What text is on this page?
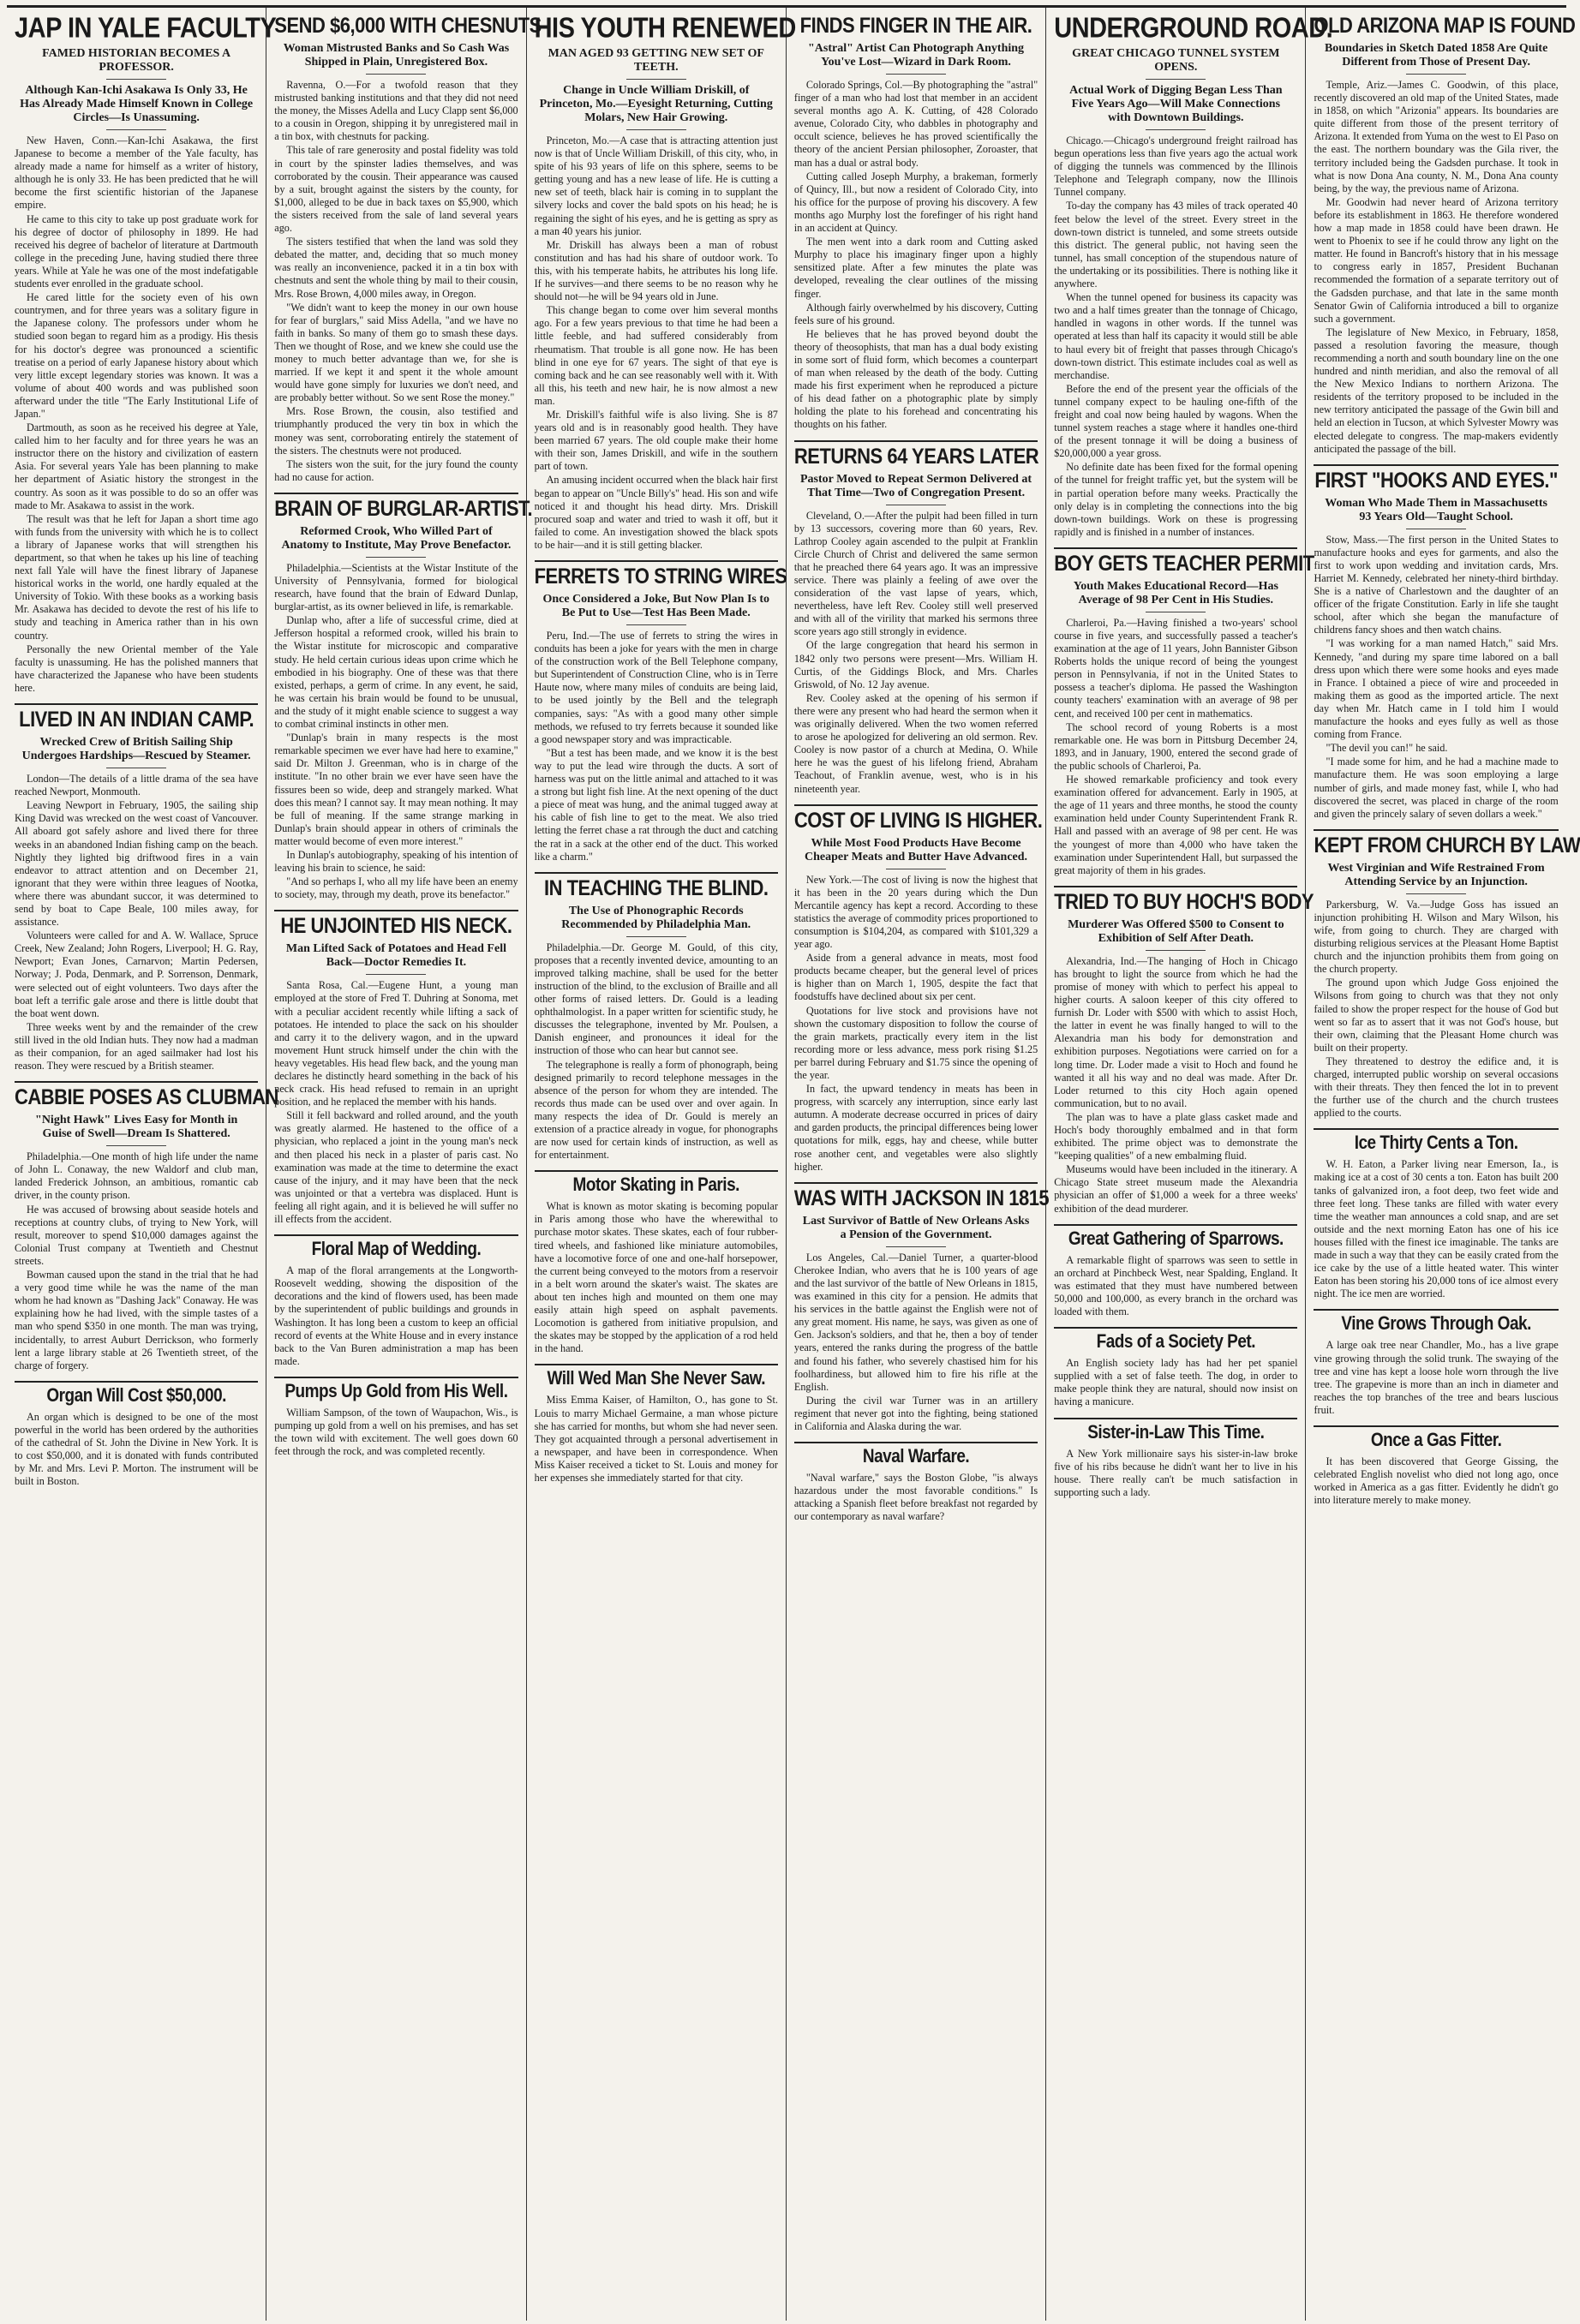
JAP IN YALE FACULTY
FAMED HISTORIAN BECOMES A PROFESSOR.
Although Kan-Ichi Asakawa Is Only 33, He Has Already Made Himself Known in College Circles—Is Unassuming.

New Haven, Conn.—Kan-Ichi Asakawa, the first Japanese to become a member of the Yale faculty, has already made a name for himself as a writer of history, although he is only 33. He has been predicted that he will become the first scientific historian of the Japanese empire.

He came to this city to take up post graduate work for his degree of doctor of philosophy in 1899. He had received his degree of bachelor of literature at Dartmouth college in the preceding June, having studied there three years. While at Yale he was one of the most indefatigable students ever enrolled in the graduate school.

He cared little for the society even of his own countrymen, and for three years was a solitary figure in the Japanese colony. The professors under whom he studied soon began to regard him as a prodigy. His thesis for his doctor's degree was pronounced a scientific treatise on a period of early Japanese history about which very little except legendary stories was known. It was a volume of about 400 words and was published soon afterward under the title "The Early Institutional Life of Japan."

Dartmouth, as soon as he received his degree at Yale, called him to her faculty and for three years he was an instructor there on the history and civilization of eastern Asia. For several years Yale has been planning to make her department of Asiatic history the strongest in the country. As soon as it was possible to do so an offer was made to Mr. Asakawa to assist in the work.

The result was that he left for Japan a short time ago with funds from the university with which he is to collect a library of Japanese works that will strengthen his department, so that when he takes up his line of teaching next fall Yale will have the finest library of Japanese historical works in the world, one hardly equaled at the University of Tokio. With these books as a working basis Mr. Asakawa has decided to devote the rest of his life to study and teaching in America rather than in his own country.

Personally the new Oriental member of the Yale faculty is unassuming. He has the polished manners that have characterized the Japanese who have been students here.

LIVED IN AN INDIAN CAMP.
Wrecked Crew of British Sailing Ship Undergoes Hardships—Rescued by Steamer.

London—The details of a little drama of the sea have reached Newport, Monmouth.

Leaving Newport in February, 1905, the sailing ship King David was wrecked on the west coast of Vancouver. All aboard got safely ashore and lived there for three weeks in an abandoned Indian fishing camp on the beach. Nightly they lighted big driftwood fires in a vain endeavor to attract attention and on December 21, ignorant that they were within three leagues of Nootka, where there was abundant succor, it was determined to send by boat to Cape Beale, 100 miles away, for assistance.

Volunteers were called for and A. W. Wallace, Spruce Creek, New Zealand; John Rogers, Liverpool; H. G. Ray, Newport; Evan Jones, Carnarvon; Martin Pedersen, Norway; J. Poda, Denmark, and P. Sorrenson, Denmark, were selected out of eight volunteers. Two days after the boat left a terrific gale arose and there is little doubt that the boat went down.

Three weeks went by and the remainder of the crew still lived in the old Indian huts. They now had a madman as their companion, for an aged sailmaker had lost his reason. They were rescued by a British steamer.

CABBIE POSES AS CLUBMAN
"Night Hawk" Lives Easy for Month in Guise of Swell—Dream Is Shattered.

Philadelphia.—One month of high life under the name of John L. Conaway, the new Waldorf and club man, landed Frederick Johnson, an ambitious, romantic cab driver, in the county prison.

He was accused of browsing about seaside hotels and receptions at country clubs, of trying to New York, will result, moreover to spend $10,000 damages against the Colonial Trust company at Twentieth and Chestnut streets.

Bowman caused upon the stand in the trial that he had a very good time while he was the name of the man whom he had known as "Dashing Jack" Conaway. He was explaining how he had lived, with the simple tastes of a man who spend $350 in one month. The man was trying, incidentally, to arrest Auburt Derrickson, who formerly lent a large library stable at 26 Twentieth street, of the charge of forgery.

Organ Will Cost $50,000.

An organ which is designed to be one of the most powerful in the world has been ordered by the authorities of the cathedral of St. John the Divine in New York. It is to cost $50,000, and it is donated with funds contributed by Mr. and Mrs. Levi P. Morton. The instrument will be built in Boston.

SEND $6,000 WITH CHESNUTS
Woman Mistrusted Banks and So Cash Was Shipped in Plain, Unregistered Box.

Ravenna, O.—For a twofold reason that they mistrusted banking institutions and that they did not need the money, the Misses Adella and Lucy Clapp sent $6,000 to a cousin in Oregon, shipping it by unregistered mail in a tin box, with chestnuts for packing.

This tale of rare generosity and postal fidelity was told in court by the spinster ladies themselves, and was corroborated by the cousin. Their appearance was caused by a suit, brought against the sisters by the county, for $1,000, alleged to be due in back taxes on $5,900, which the sisters received from the sale of land several years ago.

The sisters testified that when the land was sold they debated the matter, and, deciding that so much money was really an inconvenience, packed it in a tin box with chestnuts and sent the whole thing by mail to their cousin, Mrs. Rose Brown, 4,000 miles away, in Oregon.

"We didn't want to keep the money in our own house for fear of burglars," said Miss Adella, "and we have no faith in banks. So many of them go to smash these days. Then we thought of Rose, and we knew she could use the money to much better advantage than we, for she is married. If we kept it and spent it the whole amount would have gone simply for luxuries we don't need, and are probably better without. So we sent Rose the money."

Mrs. Rose Brown, the cousin, also testified and triumphantly produced the very tin box in which the money was sent, corroborating entirely the statement of the sisters. The chestnuts were not produced.

The sisters won the suit, for the jury found the county had no cause for action.

BRAIN OF BURGLAR-ARTIST.
Reformed Crook, Who Willed Part of Anatomy to Institute, May Prove Benefactor.

Philadelphia.—Scientists at the Wistar Institute of the University of Pennsylvania, formed for biological research, have found that the brain of Edward Dunlap, burglar-artist, as its owner believed in life, is remarkable.

Dunlap who, after a life of successful crime, died at Jefferson hospital a reformed crook, willed his brain to the Wistar institute for microscopic and comparative study. He held certain curious ideas upon crime which he embodied in his biography. One of these was that there existed, perhaps, a germ of crime. In any event, he said, he was certain his brain would be found to be unusual, and the study of it might enable science to suggest a way to combat criminal instincts in other men.

"Dunlap's brain in many respects is the most remarkable specimen we ever have had here to examine," said Dr. Milton J. Greenman, who is in charge of the institute. "In no other brain we ever have seen have the fissures been so wide, deep and strangely marked. What does this mean? I cannot say. It may mean nothing. It may be full of meaning. If the same strange marking in Dunlap's brain should appear in others of criminals the matter would become of even more interest."

In Dunlap's autobiography, speaking of his intention of leaving his brain to science, he said:

"And so perhaps I, who all my life have been an enemy to society, may, through my death, prove its benefactor."

HE UNJOINTED HIS NECK.
Man Lifted Sack of Potatoes and Head Fell Back—Doctor Remedies It.

Santa Rosa, Cal.—Eugene Hunt, a young man employed at the store of Fred T. Duhring at Sonoma, met with a peculiar accident recently while lifting a sack of potatoes. He intended to place the sack on his shoulder and carry it to the delivery wagon, and in the upward movement Hunt struck himself under the chin with the heavy vegetables. His head flew back, and the young man declares he distinctly heard something in the back of his neck crack. His head refused to remain in an upright position, and he replaced the member with his hands.

Still it fell backward and rolled around, and the youth was greatly alarmed. He hastened to the office of a physician, who replaced a joint in the young man's neck and then placed his neck in a plaster of paris cast. No examination was made at the time to determine the exact cause of the injury, and it may have been that the neck was unjointed or that a vertebra was displaced. Hunt is feeling all right again, and it is believed he will suffer no ill effects from the accident.

Floral Map of Wedding.

A map of the floral arrangements at the Longworth-Roosevelt wedding, showing the disposition of the decorations and the kind of flowers used, has been made by the superintendent of public buildings and grounds in Washington. It has long been a custom to keep an official record of events at the White House and in every instance back to the Van Buren administration a map has been made.

Pumps Up Gold from His Well.

William Sampson, of the town of Waupachon, Wis., is pumping up gold from a well on his premises, and has set the town wild with excitement. The well goes down 60 feet through the rock, and was completed recently.

HIS YOUTH RENEWED
MAN AGED 93 GETTING NEW SET OF TEETH.
Change in Uncle William Driskill, of Princeton, Mo.—Eyesight Returning, Cutting Molars, New Hair Growing.

Princeton, Mo.—A case that is attracting attention just now is that of Uncle William Driskill, of this city, who, in spite of his 93 years of life on this sphere, seems to be getting young and has a new lease of life. He is cutting a new set of teeth, black hair is coming in to supplant the silvery locks and cover the bald spots on his head; he is regaining the sight of his eyes, and he is getting as spry as a man 40 years his junior.

Mr. Driskill has always been a man of robust constitution and has had his share of outdoor work. To this, with his temperate habits, he attributes his long life. If he survives—and there seems to be no reason why he should not—he will be 94 years old in June.

This change began to come over him several months ago. For a few years previous to that time he had been a little feeble, and had suffered considerably from rheumatism. That trouble is all gone now. He has been blind in one eye for 67 years. The sight of that eye is coming back and he can see reasonably well with it. With all this, his teeth and new hair, he is now almost a new man.

Mr. Driskill's faithful wife is also living. She is 87 years old and is in reasonably good health. They have been married 67 years. The old couple make their home with their son, James Driskill, and wife in the southern part of town.

An amusing incident occurred when the black hair first began to appear on "Uncle Billy's" head. His son and wife noticed it and thought his head dirty. Mrs. Driskill procured soap and water and tried to wash it off, but it failed to come. An investigation showed the black spots to be hair—and it is still getting blacker.

FERRETS TO STRING WIRES
Once Considered a Joke, But Now Plan Is to Be Put to Use—Test Has Been Made.

Peru, Ind.—The use of ferrets to string the wires in conduits has been a joke for years with the men in charge of the construction work of the Bell Telephone company, but Superintendent of Construction Cline, who is in Terre Haute now, where many miles of conduits are being laid, to be used jointly by the Bell and the telegraph companies, says: "As with a good many other simple methods, we refused to try ferrets because it sounded like a good newspaper story and was impracticable.

"But a test has been made, and we know it is the best way to put the lead wire through the ducts. A sort of harness was put on the little animal and attached to it was a strong but light fish line. At the next opening of the duct a piece of meat was hung, and the animal tugged away at his cable of fish line to get to the meat. We also tried letting the ferret chase a rat through the duct and catching the rat in a sack at the other end of the duct. This worked like a charm."

IN TEACHING THE BLIND.
The Use of Phonographic Records Recommended by Philadelphia Man.

Philadelphia.—Dr. George M. Gould, of this city, proposes that a recently invented device, amounting to an improved talking machine, shall be used for the better instruction of the blind, to the exclusion of Braille and all other forms of raised letters. Dr. Gould is a leading ophthalmologist. In a paper written for scientific study, he discusses the telegraphone, invented by Mr. Poulsen, a Danish engineer, and pronounces it ideal for the instruction of those who can hear but cannot see.

The telegraphone is really a form of phonograph, being designed primarily to record telephone messages in the absence of the person for whom they are intended. The records thus made can be used over and over again. In many respects the idea of Dr. Gould is merely an extension of a practice already in vogue, for phonographs are now used for certain kinds of instruction, as well as for entertainment.

Motor Skating in Paris.

What is known as motor skating is becoming popular in Paris among those who have the wherewithal to purchase motor skates. These skates, each of four rubber-tired wheels, and fashioned like miniature automobiles, have a locomotive force of one and one-half horsepower, the current being conveyed to the motors from a reservoir in a belt worn around the skater's waist. The skates are about ten inches high and mounted on them one may easily attain high speed on asphalt pavements. Locomotion is gathered from initiative propulsion, and the skates may be stopped by the application of a rod held in the hand.

Will Wed Man She Never Saw.

Miss Emma Kaiser, of Hamilton, O., has gone to St. Louis to marry Michael Germaine, a man whose picture she has carried for months, but whom she had never seen. They got acquainted through a personal advertisement in a newspaper, and have been in correspondence. When Miss Kaiser received a ticket to St. Louis and money for her expenses she immediately started for that city.

FINDS FINGER IN THE AIR.
"Astral" Artist Can Photograph Anything You've Lost—Wizard in Dark Room.

Colorado Springs, Col.—By photographing the "astral" finger of a man who had lost that member in an accident several months ago A. K. Cutting, of 428 Colorado avenue, Colorado City, who dabbles in photography and occult science, believes he has proved scientifically the theory of the ancient Persian philosopher, Zoroaster, that man has a dual or astral body.

Cutting called Joseph Murphy, a brakeman, formerly of Quincy, Ill., but now a resident of Colorado City, into his office for the purpose of proving his discovery. A few months ago Murphy lost the forefinger of his right hand in an accident at Quincy.

The men went into a dark room and Cutting asked Murphy to place his imaginary finger upon a highly sensitized plate. After a few minutes the plate was developed, revealing the clear outlines of the missing finger.

Although fairly overwhelmed by his discovery, Cutting feels sure of his ground.

He believes that he has proved beyond doubt the theory of theosophists, that man has a dual body existing in some sort of fluid form, which becomes a counterpart of man when released by the death of the body. Cutting made his first experiment when he reproduced a picture of his dead father on a photographic plate by simply holding the plate to his forehead and concentrating his thoughts on his father.

RETURNS 64 YEARS LATER
Pastor Moved to Repeat Sermon Delivered at That Time—Two of Congregation Present.

Cleveland, O.—After the pulpit had been filled in turn by 13 successors, covering more than 60 years, Rev. Lathrop Cooley again ascended to the pulpit at Franklin Circle Church of Christ and delivered the same sermon that he preached there 64 years ago. It was an impressive service. There was plainly a feeling of awe over the consideration of the vast lapse of years, which, nevertheless, have left Rev. Cooley still well preserved and with all of the virility that marked his sermons three score years ago still strongly in evidence.

Of the large congregation that heard his sermon in 1842 only two persons were present—Mrs. William H. Curtis, of the Giddings Block, and Mrs. Charles Griswold, of No. 12 Jay avenue.

Rev. Cooley asked at the opening of his sermon if there were any present who had heard the sermon when it was originally delivered. When the two women referred to arose he apologized for delivering an old sermon. Rev. Cooley is now pastor of a church at Medina, O. While here he was the guest of his lifelong friend, Abraham Teachout, of Franklin avenue, west, who is in his nineteenth year.

COST OF LIVING IS HIGHER.
While Most Food Products Have Become Cheaper Meats and Butter Have Advanced.

New York.—The cost of living is now the highest that it has been in the 20 years during which the Dun Mercantile agency has kept a record. According to these statistics the average of commodity prices proportioned to consumption is $104,204, as compared with $101,329 a year ago.

Aside from a general advance in meats, most food products became cheaper, but the general level of prices is higher than on March 1, 1905, despite the fact that foodstuffs have declined about six per cent.

Quotations for live stock and provisions have not shown the customary disposition to follow the course of the grain markets, practically every item in the list recording more or less advance, mess pork rising $1.25 per barrel during February and $1.75 since the opening of the year.

In fact, the upward tendency in meats has been in progress, with scarcely any interruption, since early last autumn. A moderate decrease occurred in prices of dairy and garden products, the principal differences being lower quotations for milk, eggs, hay and cheese, while butter rose another cent, and vegetables were also slightly higher.

WAS WITH JACKSON IN 1815
Last Survivor of Battle of New Orleans Asks a Pension of the Government.

Los Angeles, Cal.—Daniel Turner, a quarter-blood Cherokee Indian, who avers that he is 100 years of age and the last survivor of the battle of New Orleans in 1815, was examined in this city for a pension. He admits that his services in the battle against the English were not of any great moment. His name, he says, was given as one of Gen. Jackson's soldiers, and that he, then a boy of tender years, entered the ranks during the progress of the battle and found his father, who severely chastised him for his foolhardiness, but allowed him to fire his rifle at the English.

During the civil war Turner was in an artillery regiment that never got into the fighting, being stationed in California and Alaska during the war.

Naval Warfare.

"Naval warfare," says the Boston Globe, "is always hazardous under the most favorable conditions." Is attacking a Spanish fleet before breakfast not regarded by our contemporary as naval warfare?

UNDERGROUND ROAD.
GREAT CHICAGO TUNNEL SYSTEM OPENS.
Actual Work of Digging Began Less Than Five Years Ago—Will Make Connections with Downtown Buildings.

Chicago.—Chicago's underground freight railroad has begun operations less than five years ago the actual work of digging the tunnels was commenced by the Illinois Telephone and Telegraph company, now the Illinois Tunnel company.

To-day the company has 43 miles of track operated 40 feet below the level of the street. Every street in the down-town district is tunneled, and some streets outside this district. The general public, not having seen the tunnel, has small conception of the stupendous nature of the undertaking or its possibilities. There is nothing like it anywhere.

When the tunnel opened for business its capacity was two and a half times greater than the tonnage of Chicago, handled in wagons in other words. If the tunnel was operated at less than half its capacity it would still be able to haul every bit of freight that passes through Chicago's down-town district. This estimate includes coal as well as merchandise.

Before the end of the present year the officials of the tunnel company expect to be hauling one-fifth of the freight and coal now being hauled by wagons. When the tunnel system reaches a stage where it handles one-third of the present tonnage it will be doing a business of $20,000,000 a year gross.

No definite date has been fixed for the formal opening of the tunnel for freight traffic yet, but the system will be in partial operation before many weeks. Practically the only delay is in completing the connections into the big down-town buildings. Work on these is progressing rapidly and is finished in a number of instances.

BOY GETS TEACHER PERMIT
Youth Makes Educational Record—Has Average of 98 Per Cent in His Studies.

Charleroi, Pa.—Having finished a two-years' school course in five years, and successfully passed a teacher's examination at the age of 11 years, John Bannister Gibson Roberts holds the unique record of being the youngest person in Pennsylvania, if not in the United States to possess a teacher's diploma. He passed the Washington county teachers' examination with an average of 98 per cent, and received 100 per cent in mathematics.

The school record of young Roberts is a most remarkable one. He was born in Pittsburg December 24, 1893, and in January, 1900, entered the second grade of the public schools of Charleroi, Pa.

He showed remarkable proficiency and took every examination offered for advancement. Early in 1905, at the age of 11 years and three months, he stood the county examination held under County Superintendent Frank R. Hall and passed with an average of 98 per cent. He was the youngest of more than 4,000 who have taken the examination under Superintendent Hall, but surpassed the great majority of them in his grades.

TRIED TO BUY HOCH'S BODY
Murderer Was Offered $500 to Consent to Exhibition of Self After Death.

Alexandria, Ind.—The hanging of Hoch in Chicago has brought to light the source from which he had the promise of money with which to perfect his appeal to higher courts. A saloon keeper of this city offered to furnish Dr. Loder with $500 with which to assist Hoch, the latter in event he was finally hanged to will to the Alexandria man his body for demonstration and exhibition purposes. Negotiations were carried on for a long time. Dr. Loder made a visit to Hoch and found he wanted it all his way and no deal was made. After Dr. Loder returned to this city Hoch again opened communication, but to no avail.

The plan was to have a plate glass casket made and Hoch's body thoroughly embalmed and in that form exhibited. The prime object was to demonstrate the "keeping qualities" of a new embalming fluid.

Museums would have been included in the itinerary. A Chicago State street museum made the Alexandria physician an offer of $1,000 a week for a three weeks' exhibition of the dead murderer.

Great Gathering of Sparrows.

A remarkable flight of sparrows was seen to settle in an orchard at Pinchbeck West, near Spalding, England. It was estimated that they must have numbered between 50,000 and 100,000, as every branch in the orchard was loaded with them.

Fads of a Society Pet.

An English society lady has had her pet spaniel supplied with a set of false teeth. The dog, in order to make people think they are natural, should now insist on having a manicure.

Sister-in-Law This Time.

A New York millionaire says his sister-in-law broke five of his ribs because he didn't want her to live in his house. There really can't be much satisfaction in supporting such a lady.

OLD ARIZONA MAP IS FOUND
Boundaries in Sketch Dated 1858 Are Quite Different from Those of Present Day.

Temple, Ariz.—James C. Goodwin, of this place, recently discovered an old map of the United States, made in 1858, on which "Arizonia" appears. Its boundaries are quite different from those of the present territory of Arizona. It extended from Yuma on the west to El Paso on the east. The northern boundary was the Gila river, the territory included being the Gadsden purchase. It took in what is now Dona Ana county, N. M., Dona Ana county being, by the way, the previous name of Arizona.

Mr. Goodwin had never heard of Arizona territory before its establishment in 1863. He therefore wondered how a map made in 1858 could have been drawn. He went to Phoenix to see if he could throw any light on the matter. He found in Bancroft's history that in his message to congress early in 1857, President Buchanan recommended the formation of a separate territory out of the Gadsden purchase, and that late in the same month Senator Gwin of California introduced a bill to organize such a government.

The legislature of New Mexico, in February, 1858, passed a resolution favoring the measure, though recommending a north and south boundary line on the one hundred and ninth meridian, and also the removal of all the New Mexico Indians to northern Arizona. The residents of the territory proposed to be included in the new territory anticipated the passage of the Gwin bill and held an election in Tucson, at which Sylvester Mowry was elected delegate to congress. The map-makers evidently anticipated the passage of the bill.

FIRST "HOOKS AND EYES."
Woman Who Made Them in Massachusetts 93 Years Old—Taught School.

Stow, Mass.—The first person in the United States to manufacture hooks and eyes for garments, and also the first to work upon wedding and invitation cards, Mrs. Harriet M. Kennedy, celebrated her ninety-third birthday. She is a native of Charlestown and the daughter of an officer of the frigate Constitution. Early in life she taught school, after which she began the manufacture of childrens fancy shoes and then watch chains.

"I was working for a man named Hatch," said Mrs. Kennedy, "and during my spare time labored on a ball dress upon which there were some hooks and eyes made in France. I obtained a piece of wire and proceeded in making them as good as the imported article. The next day when Mr. Hatch came in I told him I would manufacture the hooks and eyes fully as well as those coming from France.

"The devil you can!" he said.

"I made some for him, and he had a machine made to manufacture them. He was soon employing a large number of girls, and made money fast, while I, who had discovered the secret, was placed in charge of the room and given the princely salary of seven dollars a week."

KEPT FROM CHURCH BY LAW
West Virginian and Wife Restrained From Attending Service by an Injunction.

Parkersburg, W. Va.—Judge Goss has issued an injunction prohibiting H. Wilson and Mary Wilson, his wife, from going to church. They are charged with disturbing religious services at the Pleasant Home Baptist church and the injunction prohibits them from going on the church property.

The ground upon which Judge Goss enjoined the Wilsons from going to church was that they not only failed to show the proper respect for the house of God but went so far as to assert that it was not God's house, but their own, claiming that the Pleasant Home church was built on their property.

They threatened to destroy the edifice and, it is charged, interrupted public worship on several occasions with their threats. They then fenced the lot in to prevent the further use of the church and the church trustees applied to the courts.

Ice Thirty Cents a Ton.

W. H. Eaton, a Parker living near Emerson, Ia., is making ice at a cost of 30 cents a ton. Eaton has built 200 tanks of galvanized iron, a foot deep, two feet wide and three feet long. These tanks are filled with water every time the weather man announces a cold snap, and are set outside and the next morning Eaton has one of his ice houses filled with the finest ice imaginable. The tanks are made in such a way that they can be easily crated from the ice cake by the use of a little heated water. This winter Eaton has been storing his 20,000 tons of ice almost every night. The ice men are worried.

Vine Grows Through Oak.

A large oak tree near Chandler, Mo., has a live grape vine growing through the solid trunk. The swaying of the tree and vine has kept a loose hole worn through the live tree. The grapevine is more than an inch in diameter and reaches the top branches of the tree and bears luscious fruit.

Once a Gas Fitter.

It has been discovered that George Gissing, the celebrated English novelist who died not long ago, once worked in America as a gas fitter. Evidently he didn't go into literature merely to make money.
